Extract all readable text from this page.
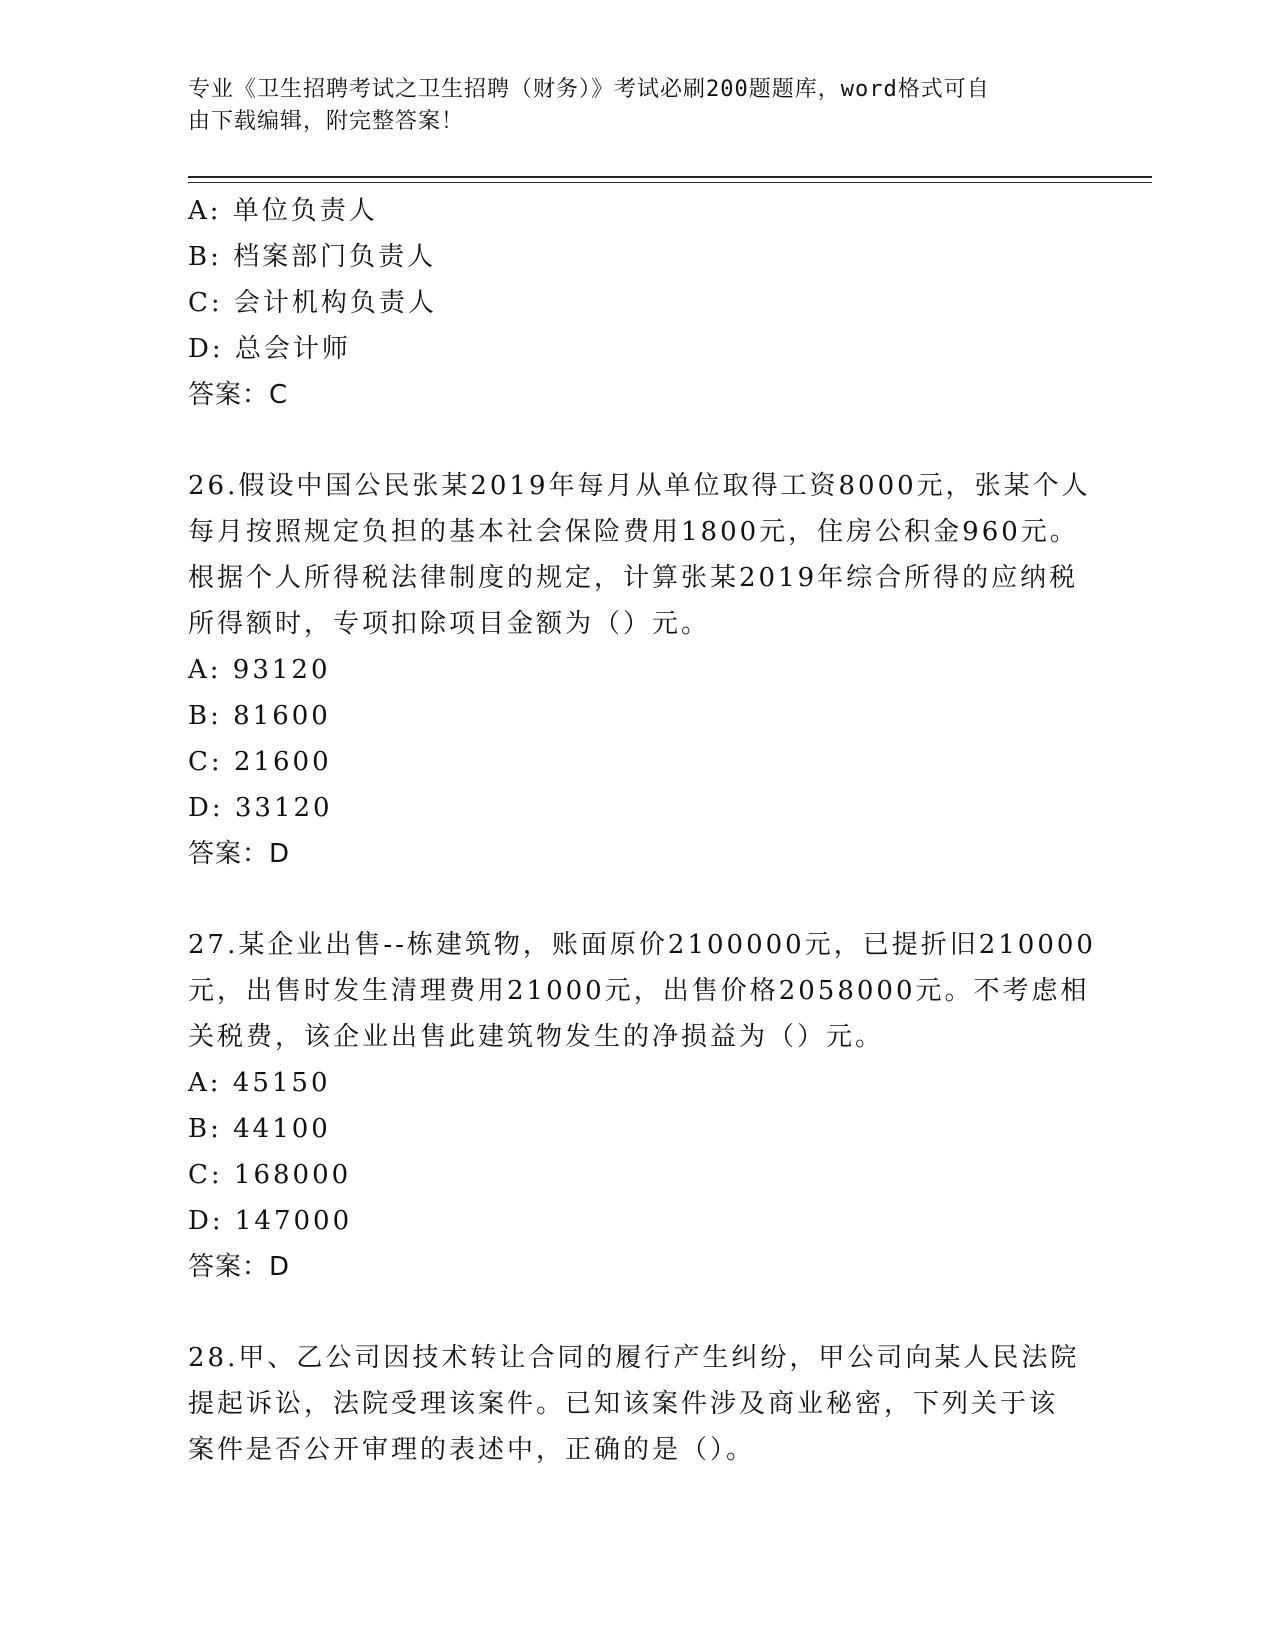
专业《卫生招聘考试之卫生招聘（财务）》考试必刷200题题库，word格式可自
由下载编辑，附完整答案！
A: 单位负责人
B: 档案部门负责人
C: 会计机构负责人
D: 总会计师
答案：C
26.假设中国公民张某2019年每月从单位取得工资8000元，张某个人
每月按照规定负担的基本社会保险费用1800元，住房公积金960元。
根据个人所得税法律制度的规定，计算张某2019年综合所得的应纳税
所得额时，专项扣除项目金额为（）元。
A: 93120
B: 81600
C: 21600
D: 33120
答案：D
27.某企业出售--栋建筑物，账面原价2100000元，已提折旧210000
元，出售时发生清理费用21000元，出售价格2058000元。不考虑相
关税费，该企业出售此建筑物发生的净损益为（）元。
A: 45150
B: 44100
C: 168000
D: 147000
答案：D
28.甲、乙公司因技术转让合同的履行产生纠纷，甲公司向某人民法院
提起诉讼，法院受理该案件。已知该案件涉及商业秘密，下列关于该
案件是否公开审理的表述中，正确的是（）。
